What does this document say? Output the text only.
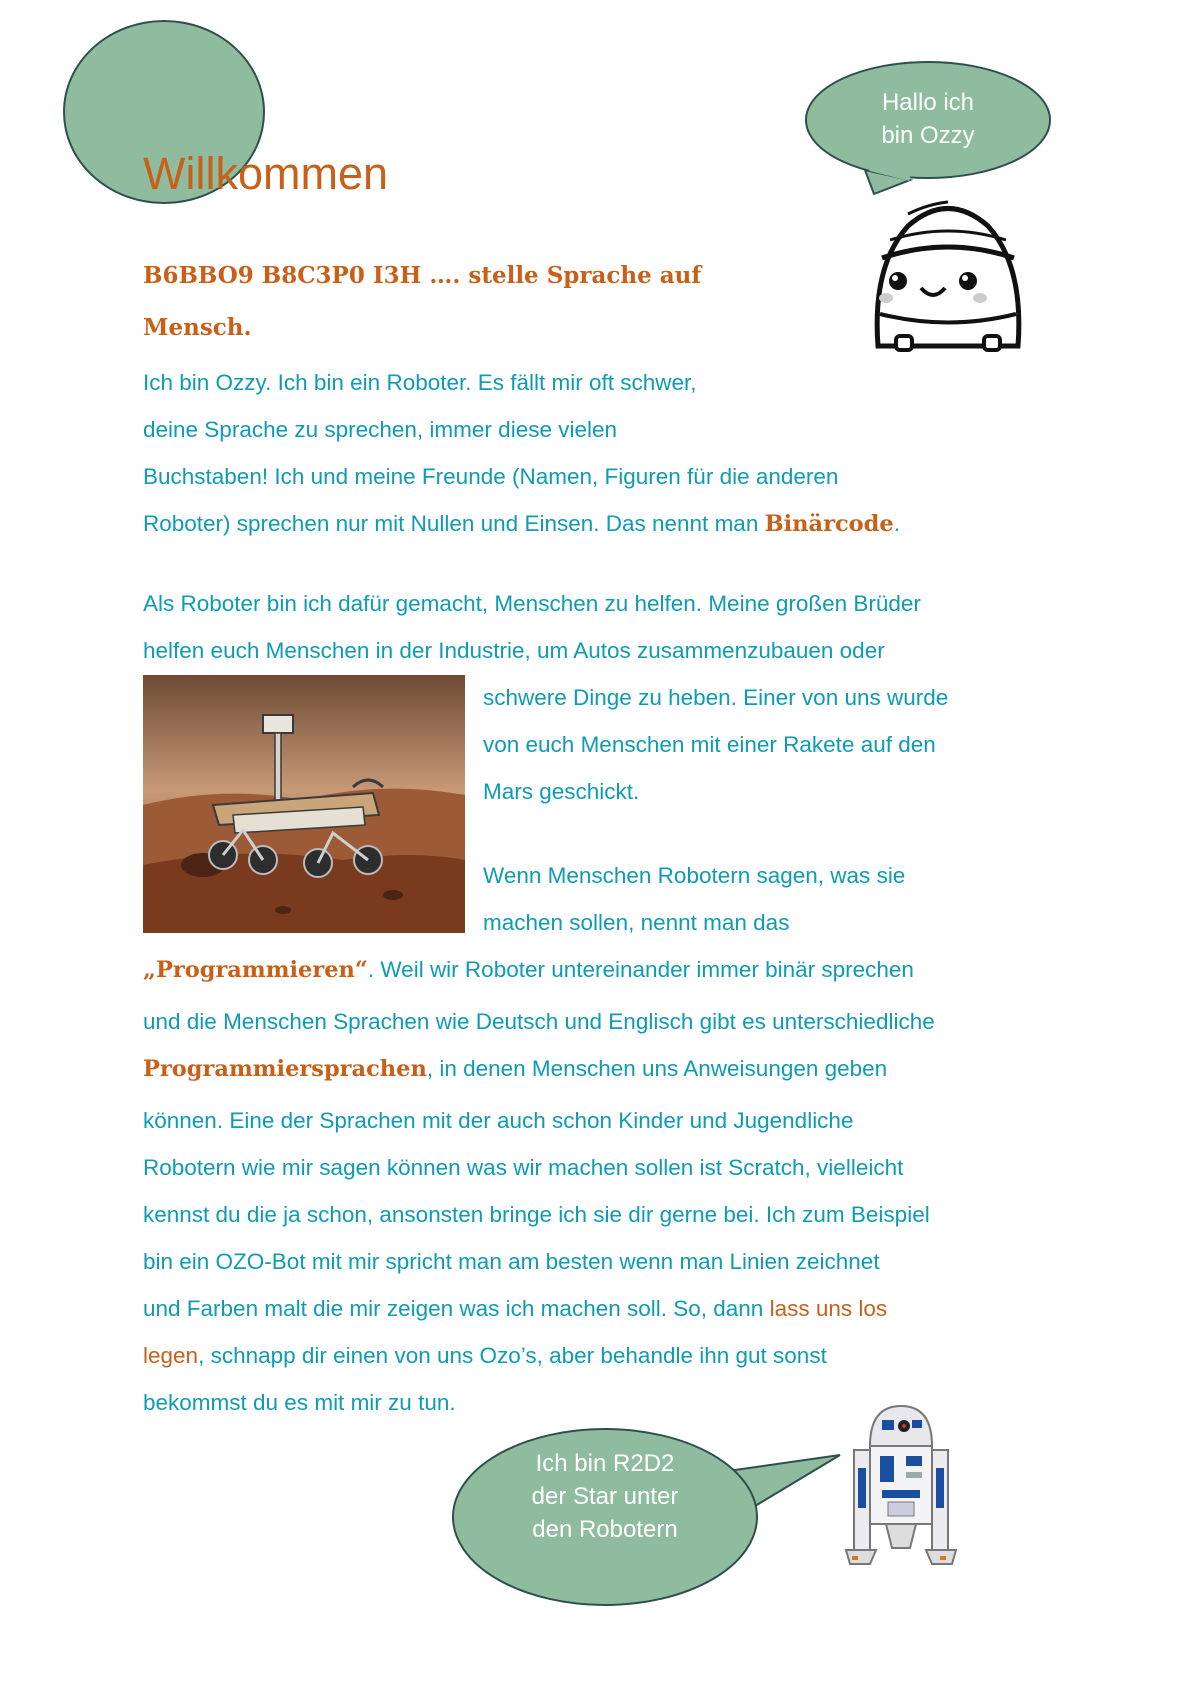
Willkommen
Hallo ich
bin Ozzy
B6BBO9 B8C3P0 I3H …. stelle Sprache auf
Mensch.
Ich bin Ozzy. Ich bin ein Roboter. Es fällt mir oft schwer,
deine Sprache zu sprechen, immer diese vielen
Buchstaben! Ich und meine Freunde (Namen, Figuren für die anderen
Roboter) sprechen nur mit Nullen und Einsen. Das nennt man Binärcode.
Als Roboter bin ich dafür gemacht, Menschen zu helfen. Meine großen Brüder
helfen euch Menschen in der Industrie, um Autos zusammenzubauen oder
schwere Dinge zu heben. Einer von uns wurde
von euch Menschen mit einer Rakete auf den
Mars geschickt.
Wenn Menschen Robotern sagen, was sie
machen sollen, nennt man das
„Programmieren“. Weil wir Roboter untereinander immer binär sprechen
und die Menschen Sprachen wie Deutsch und Englisch gibt es unterschiedliche
Programmiersprachen, in denen Menschen uns Anweisungen geben
können. Eine der Sprachen mit der auch schon Kinder und Jugendliche
Robotern wie mir sagen können was wir machen sollen ist Scratch, vielleicht
kennst du die ja schon, ansonsten bringe ich sie dir gerne bei. Ich zum Beispiel
bin ein OZO-Bot mit mir spricht man am besten wenn man Linien zeichnet
und Farben malt die mir zeigen was ich machen soll. So, dann lass uns los
legen, schnapp dir einen von uns Ozo’s, aber behandle ihn gut sonst
bekommst du es mit mir zu tun.
Ich bin R2D2
der Star unter
den Robotern
